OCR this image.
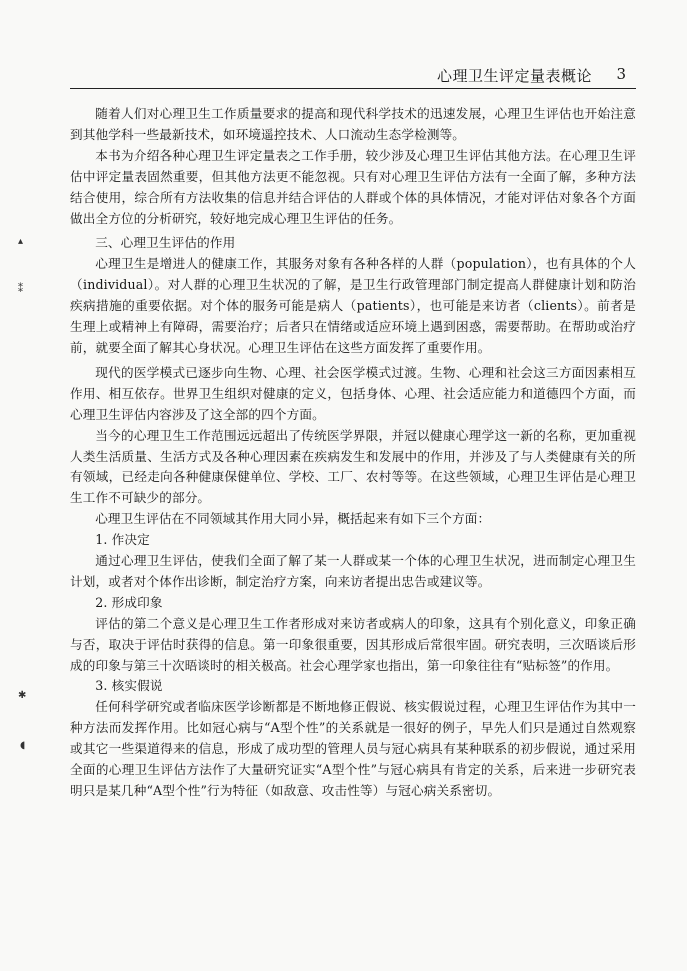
心理卫生评定量表概论 3

随着人们对心理卫生工作质量要求的提高和现代科学技术的迅速发展，心理卫生评估也开始注意到其他学科一些最新技术，如环境遥控技术、人口流动生态学检测等。

本书为介绍各种心理卫生评定量表之工作手册，较少涉及心理卫生评估其他方法。在心理卫生评估中评定量表固然重要，但其他方法更不能忽视。只有对心理卫生评估方法有一全面了解，多种方法结合使用，综合所有方法收集的信息并结合评估的人群或个体的具体情况，才能对评估对象各个方面做出全方位的分析研究，较好地完成心理卫生评估的任务。

三、心理卫生评估的作用

心理卫生是增进人的健康工作，其服务对象有各种各样的人群（population），也有具体的个人（individual）。对人群的心理卫生状况的了解，是卫生行政管理部门制定提高人群健康计划和防治疾病措施的重要依据。对个体的服务可能是病人（patients），也可能是来访者（clients）。前者是生理上或精神上有障碍，需要治疗；后者只在情绪或适应环境上遇到困惑，需要帮助。在帮助或治疗前，就要全面了解其心身状况。心理卫生评估在这些方面发挥了重要作用。

现代的医学模式已逐步向生物、心理、社会医学模式过渡。生物、心理和社会这三方面因素相互作用、相互依存。世界卫生组织对健康的定义，包括身体、心理、社会适应能力和道德四个方面，而心理卫生评估内容涉及了这全部的四个方面。

当今的心理卫生工作范围远远超出了传统医学界限，并冠以健康心理学这一新的名称，更加重视人类生活质量、生活方式及各种心理因素在疾病发生和发展中的作用，并涉及了与人类健康有关的所有领域，已经走向各种健康保健单位、学校、工厂、农村等等。在这些领域，心理卫生评估是心理卫生工作不可缺少的部分。

心理卫生评估在不同领域其作用大同小异，概括起来有如下三个方面：

1. 作决定

通过心理卫生评估，使我们全面了解了某一人群或某一个体的心理卫生状况，进而制定心理卫生计划，或者对个体作出诊断，制定治疗方案，向来访者提出忠告或建议等。

2. 形成印象

评估的第二个意义是心理卫生工作者形成对来访者或病人的印象，这具有个别化意义，印象正确与否，取决于评估时获得的信息。第一印象很重要，因其形成后常很牢固。研究表明，三次晤谈后形成的印象与第三十次晤谈时的相关极高。社会心理学家也指出，第一印象往往有“贴标签”的作用。

3. 核实假说

任何科学研究或者临床医学诊断都是不断地修正假说、核实假说过程，心理卫生评估作为其中一种方法而发挥作用。比如冠心病与“A型个性”的关系就是一很好的例子，早先人们只是通过自然观察或其它一些渠道得来的信息，形成了成功型的管理人员与冠心病具有某种联系的初步假说，通过采用全面的心理卫生评估方法作了大量研究证实“A型个性”与冠心病具有肯定的关系，后来进一步研究表明只是某几种“A型个性”行为特征（如敌意、攻击性等）与冠心病关系密切。

▴
⁑
✱
◖
